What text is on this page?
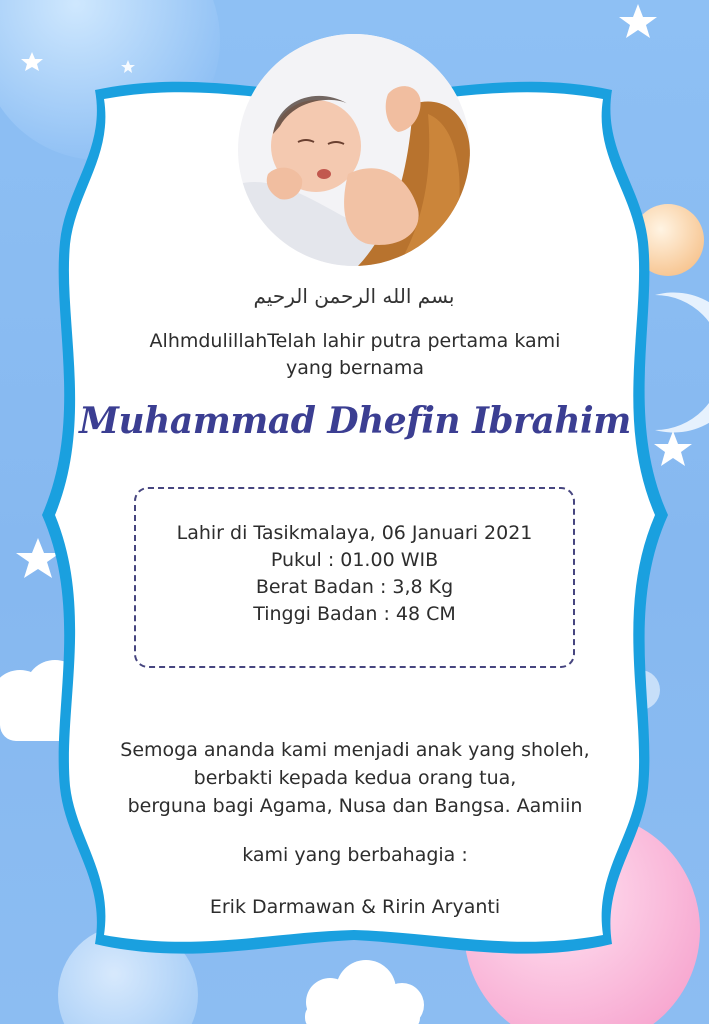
بسم الله الرحمن الرحيم
AlhmdulillahTelah lahir putra pertama kami
yang bernama
Muhammad Dhefin Ibrahim
Lahir di Tasikmalaya, 06 Januari 2021
Pukul : 01.00 WIB
Berat Badan : 3,8 Kg
Tinggi Badan : 48 CM
Semoga ananda kami menjadi anak yang sholeh,
berbakti kepada kedua orang tua,
berguna bagi Agama, Nusa dan Bangsa. Aamiin
kami yang berbahagia :
Erik Darmawan & Ririn Aryanti
